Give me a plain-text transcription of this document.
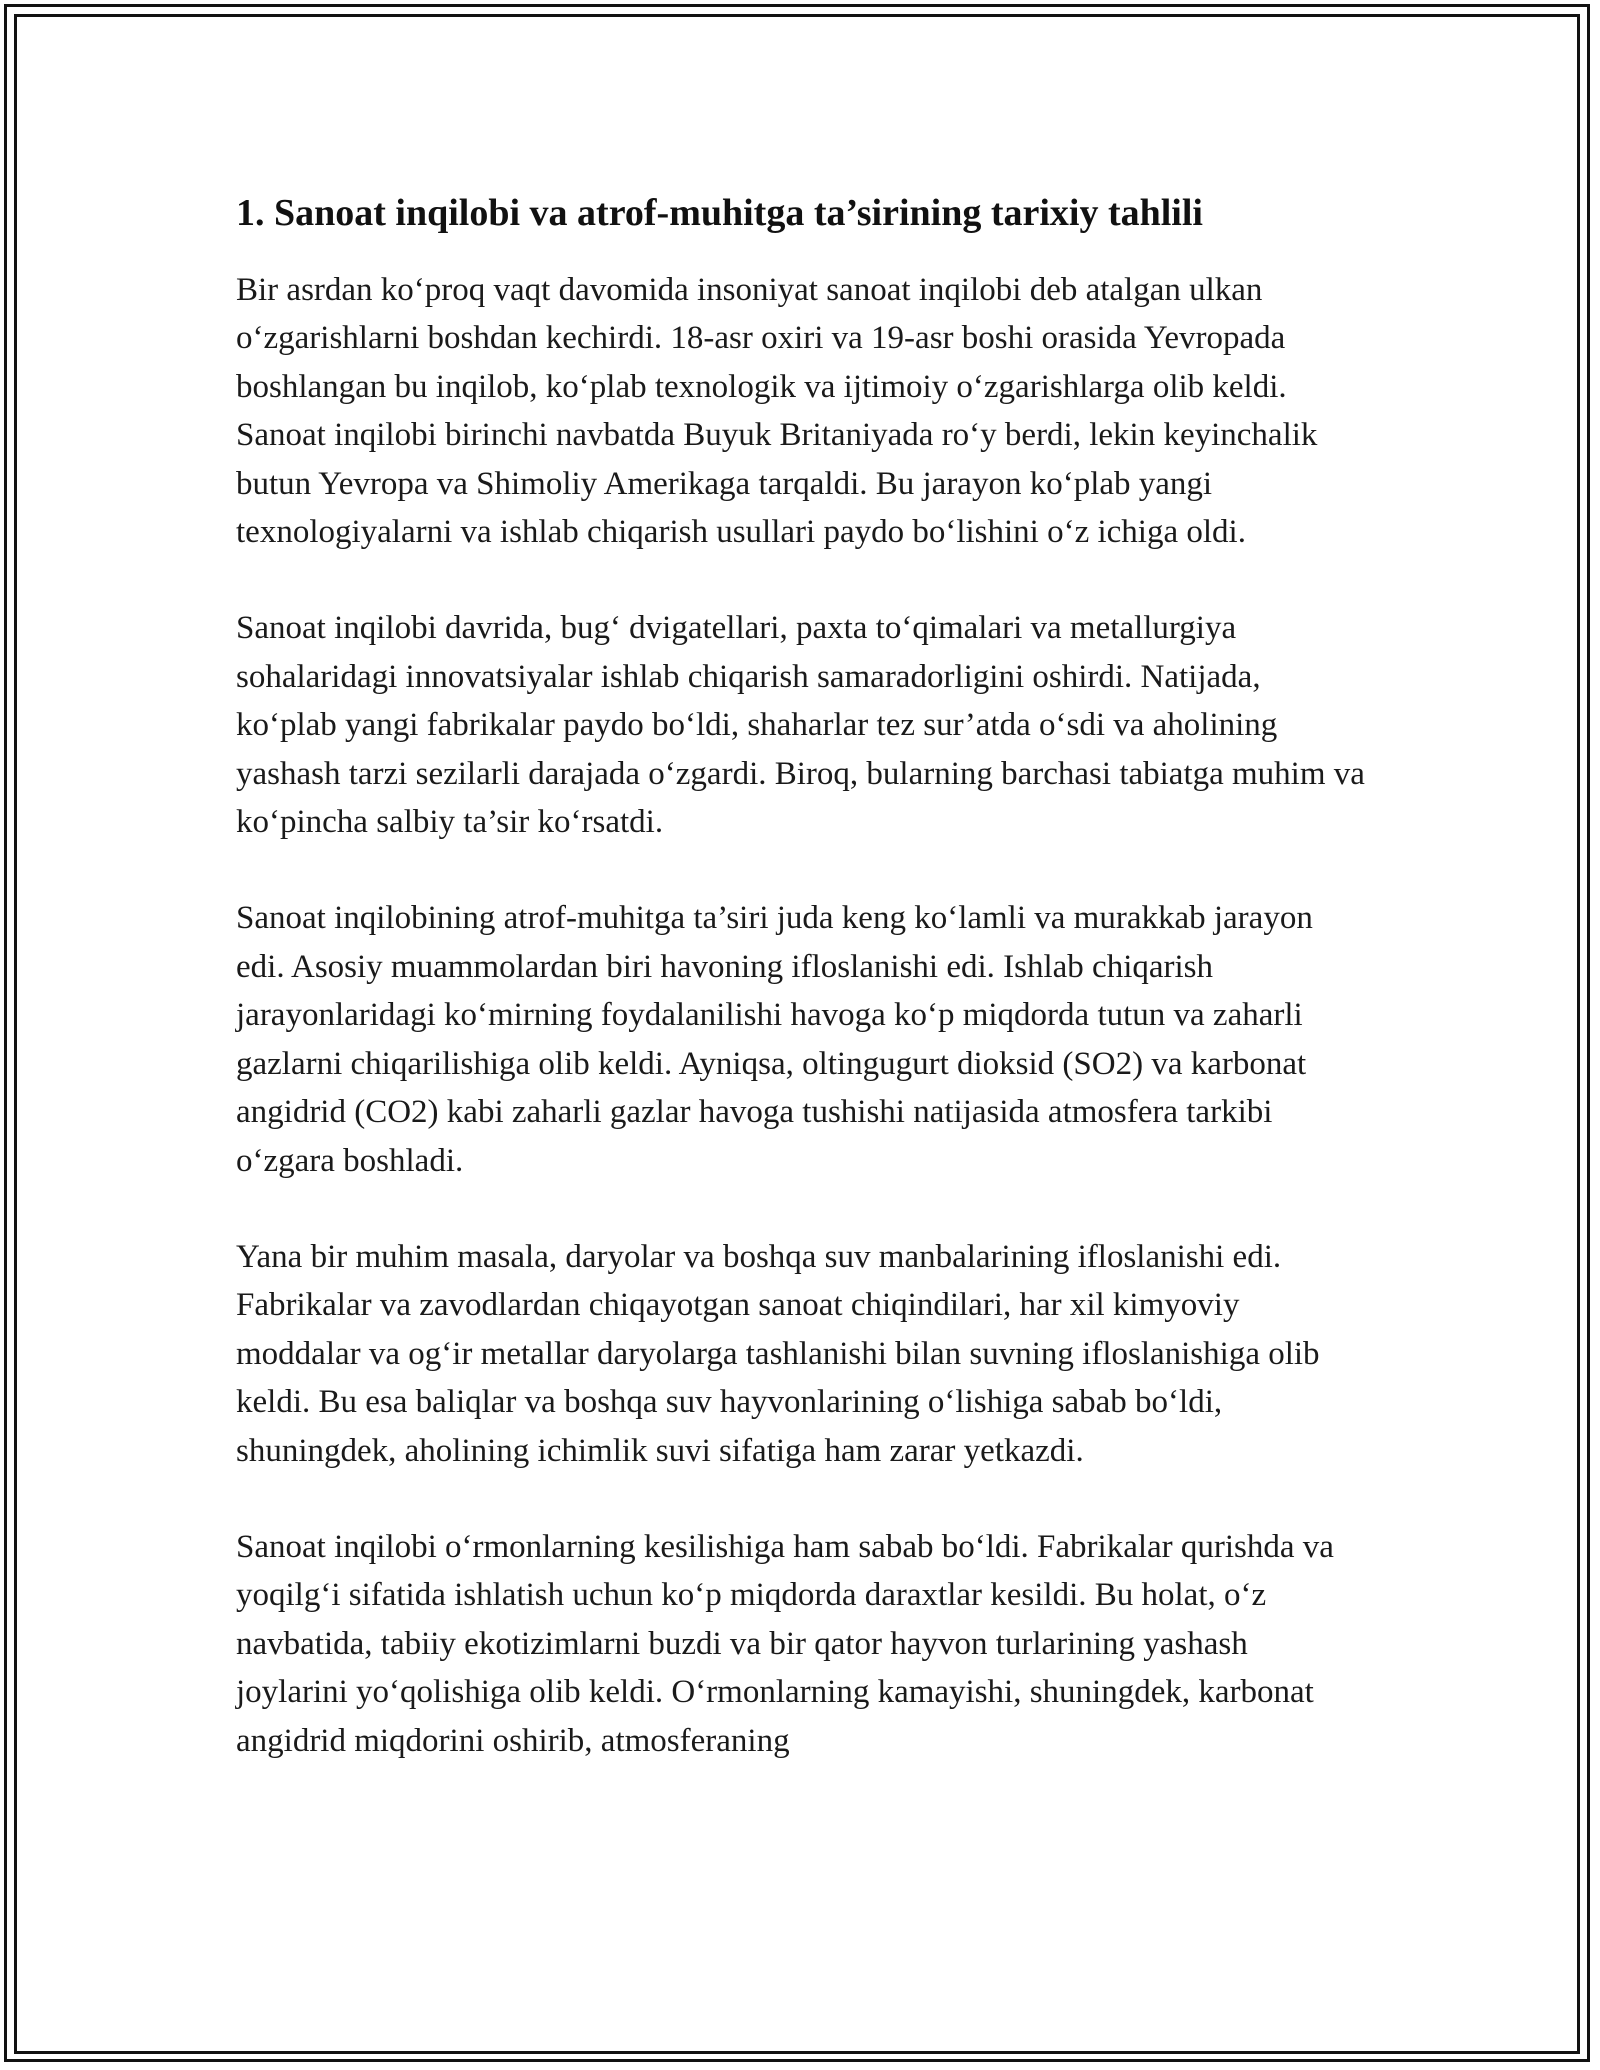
1. Sanoat inqilobi va atrof-muhitga ta’sirining tarixiy tahlili

Bir asrdan koʻproq vaqt davomida insoniyat sanoat inqilobi deb atalgan ulkan oʻzgarishlarni boshdan kechirdi. 18-asr oxiri va 19-asr boshi orasida Yevropada boshlangan bu inqilob, koʻplab texnologik va ijtimoiy oʻzgarishlarga olib keldi. Sanoat inqilobi birinchi navbatda Buyuk Britaniyada roʻy berdi, lekin keyinchalik butun Yevropa va Shimoliy Amerikaga tarqaldi. Bu jarayon koʻplab yangi texnologiyalarni va ishlab chiqarish usullari paydo boʻlishini oʻz ichiga oldi.

Sanoat inqilobi davrida, bugʻ dvigatellari, paxta toʻqimalari va metallurgiya sohalaridagi innovatsiyalar ishlab chiqarish samaradorligini oshirdi. Natijada, koʻplab yangi fabrikalar paydo boʻldi, shaharlar tez sur’atda oʻsdi va aholining yashash tarzi sezilarli darajada oʻzgardi. Biroq, bularning barchasi tabiatga muhim va koʻpincha salbiy ta’sir koʻrsatdi.

Sanoat inqilobining atrof-muhitga ta’siri juda keng koʻlamli va murakkab jarayon edi. Asosiy muammolardan biri havoning ifloslanishi edi. Ishlab chiqarish jarayonlaridagi koʻmirning foydalanilishi havoga koʻp miqdorda tutun va zaharli gazlarni chiqarilishiga olib keldi. Ayniqsa, oltingugurt dioksid (SO2) va karbonat angidrid (CO2) kabi zaharli gazlar havoga tushishi natijasida atmosfera tarkibi oʻzgara boshladi.

Yana bir muhim masala, daryolar va boshqa suv manbalarining ifloslanishi edi. Fabrikalar va zavodlardan chiqayotgan sanoat chiqindilari, har xil kimyoviy moddalar va ogʻir metallar daryolarga tashlanishi bilan suvning ifloslanishiga olib keldi. Bu esa baliqlar va boshqa suv hayvonlarining oʻlishiga sabab boʻldi, shuningdek, aholining ichimlik suvi sifatiga ham zarar yetkazdi.

Sanoat inqilobi oʻrmonlarning kesilishiga ham sabab boʻldi. Fabrikalar qurishda va yoqilgʻi sifatida ishlatish uchun koʻp miqdorda daraxtlar kesildi. Bu holat, oʻz navbatida, tabiiy ekotizimlarni buzdi va bir qator hayvon turlarining yashash joylarini yoʻqolishiga olib keldi. Oʻrmonlarning kamayishi, shuningdek, karbonat angidrid miqdorini oshirib, atmosferaning
